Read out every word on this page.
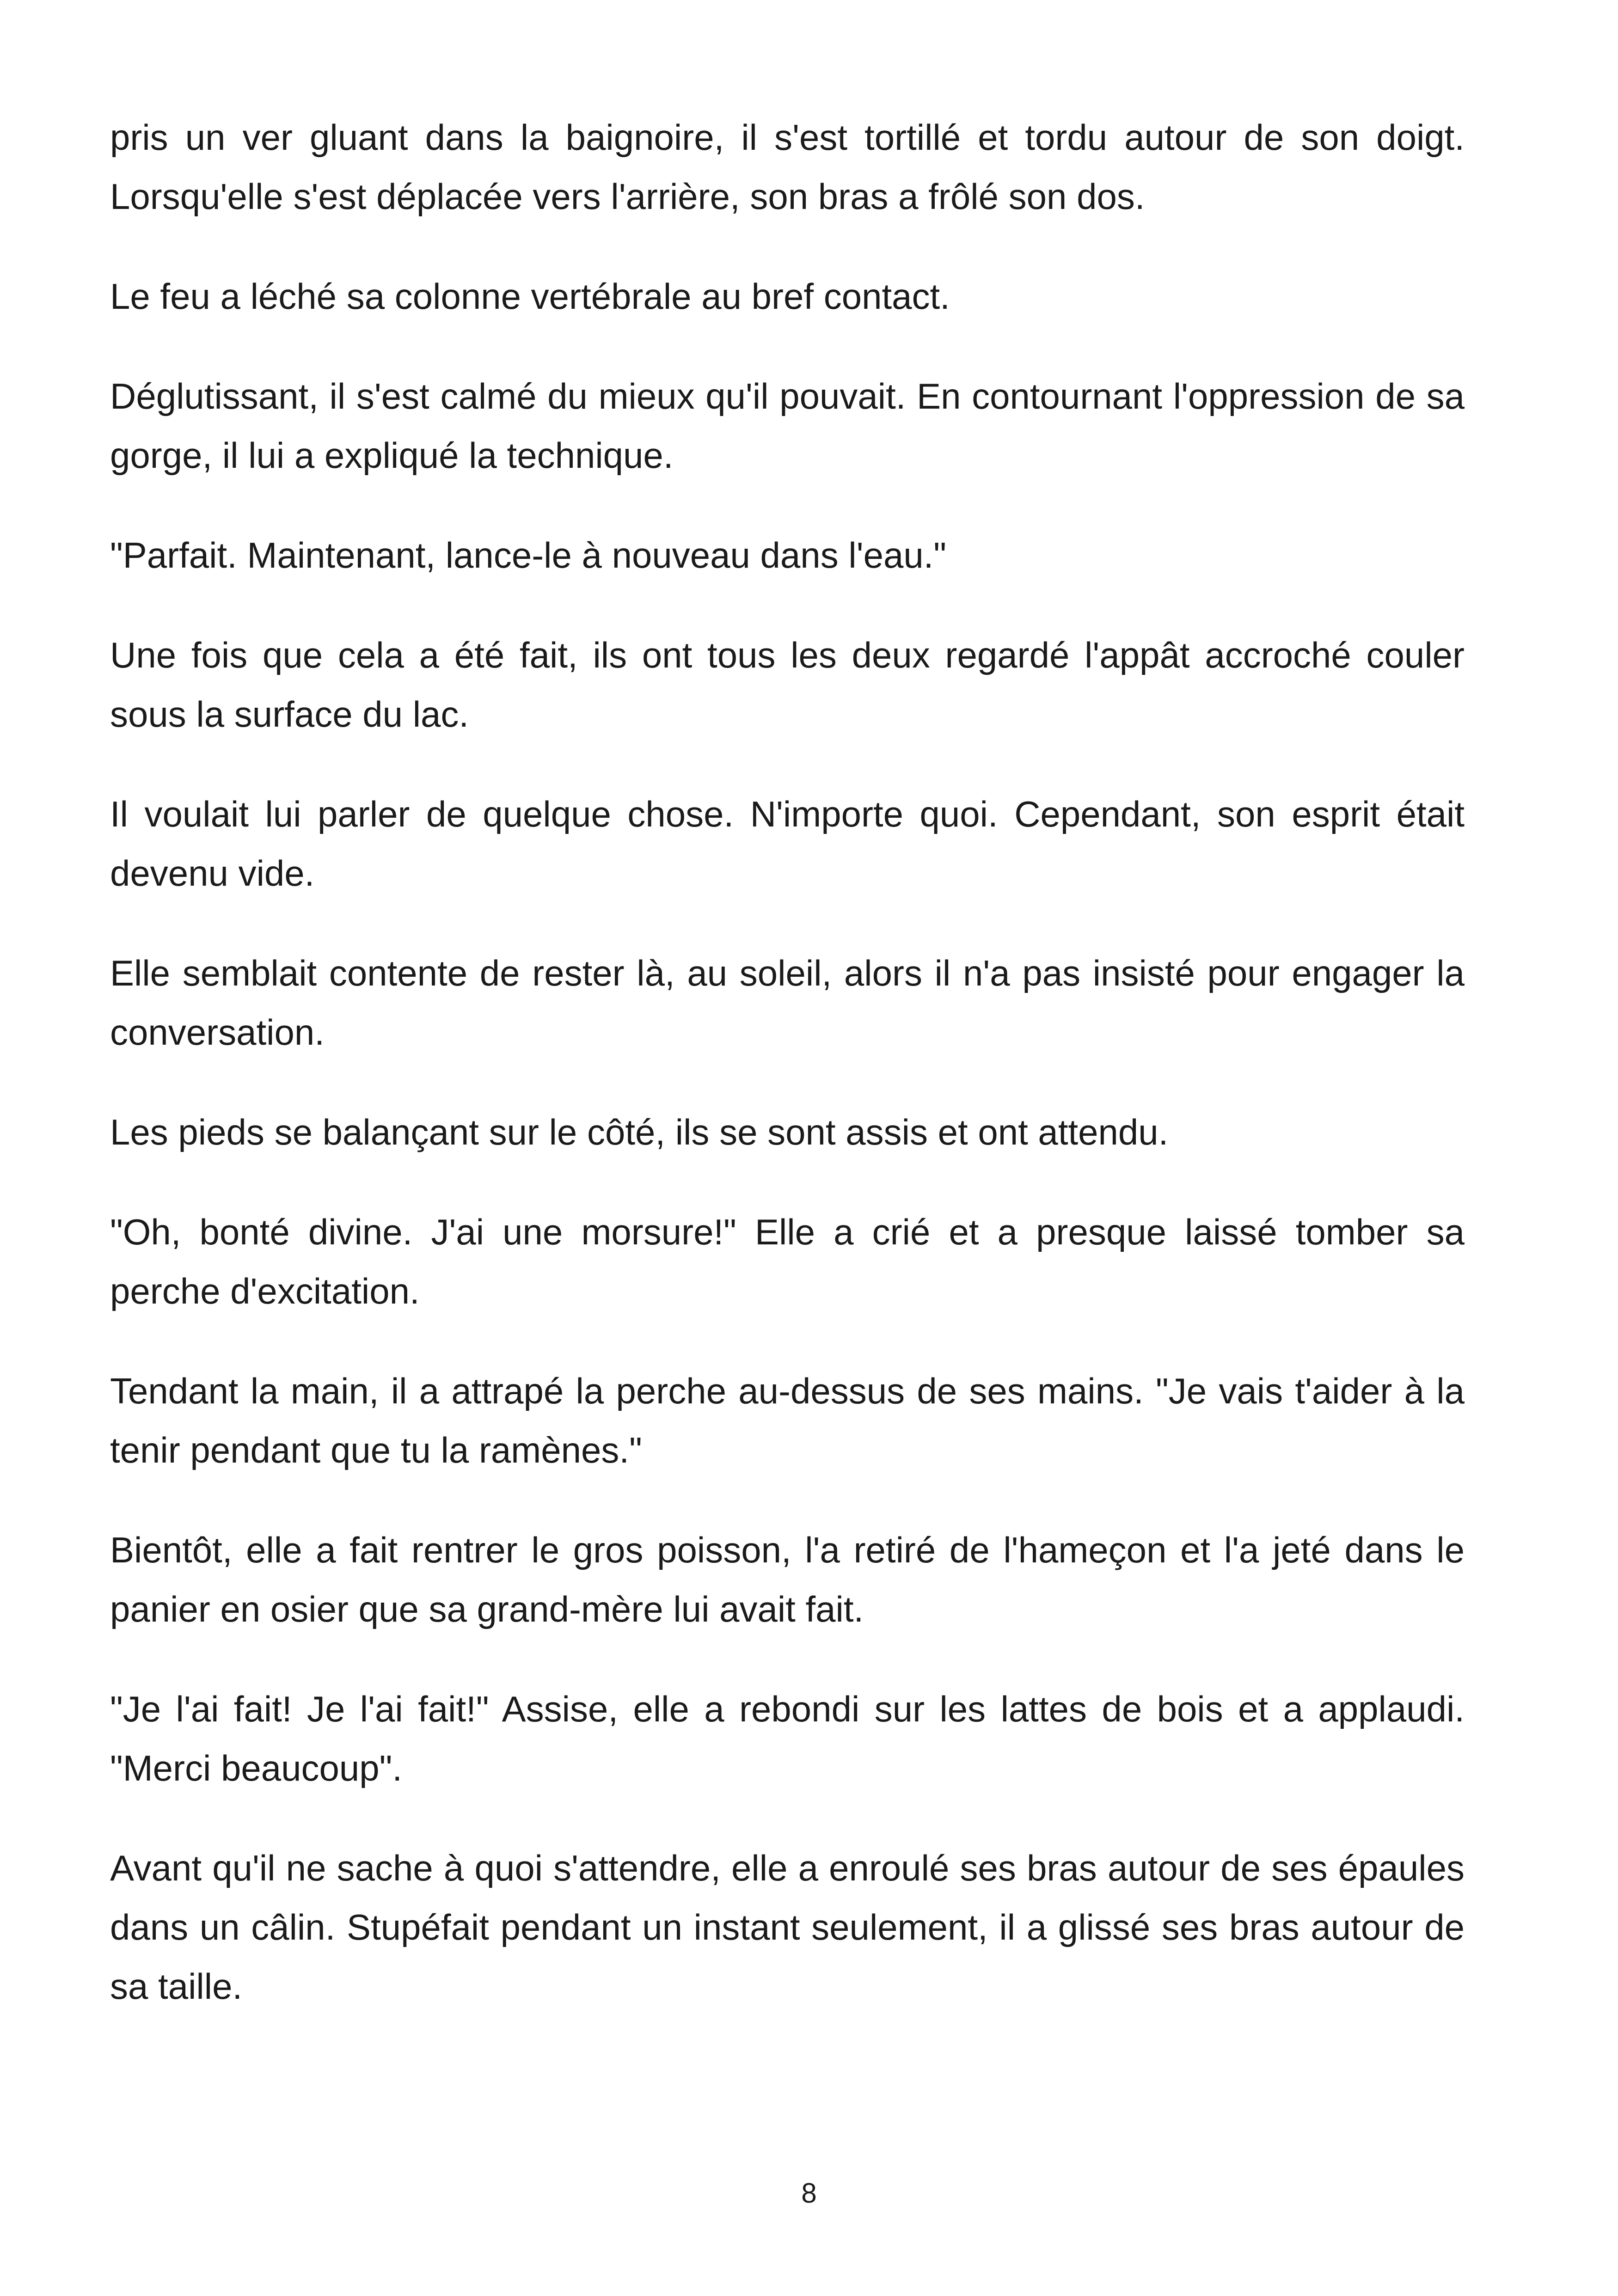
pris un ver gluant dans la baignoire, il s'est tortillé et tordu autour de son doigt. Lorsqu'elle s'est déplacée vers l'arrière, son bras a frôlé son dos.

Le feu a léché sa colonne vertébrale au bref contact.

Déglutissant, il s'est calmé du mieux qu'il pouvait. En contournant l'oppression de sa gorge, il lui a expliqué la technique.

"Parfait. Maintenant, lance-le à nouveau dans l'eau."

Une fois que cela a été fait, ils ont tous les deux regardé l'appât accroché couler sous la surface du lac.

Il voulait lui parler de quelque chose. N'importe quoi. Cependant, son esprit était devenu vide.

Elle semblait contente de rester là, au soleil, alors il n'a pas insisté pour engager la conversation.

Les pieds se balançant sur le côté, ils se sont assis et ont attendu.

"Oh, bonté divine. J'ai une morsure!" Elle a crié et a presque laissé tomber sa perche d'excitation.

Tendant la main, il a attrapé la perche au-dessus de ses mains. "Je vais t'aider à la tenir pendant que tu la ramènes."

Bientôt, elle a fait rentrer le gros poisson, l'a retiré de l'hameçon et l'a jeté dans le panier en osier que sa grand-mère lui avait fait.

"Je l'ai fait! Je l'ai fait!" Assise, elle a rebondi sur les lattes de bois et a applaudi. "Merci beaucoup".

Avant qu'il ne sache à quoi s'attendre, elle a enroulé ses bras autour de ses épaules dans un câlin. Stupéfait pendant un instant seulement, il a glissé ses bras autour de sa taille.

8
